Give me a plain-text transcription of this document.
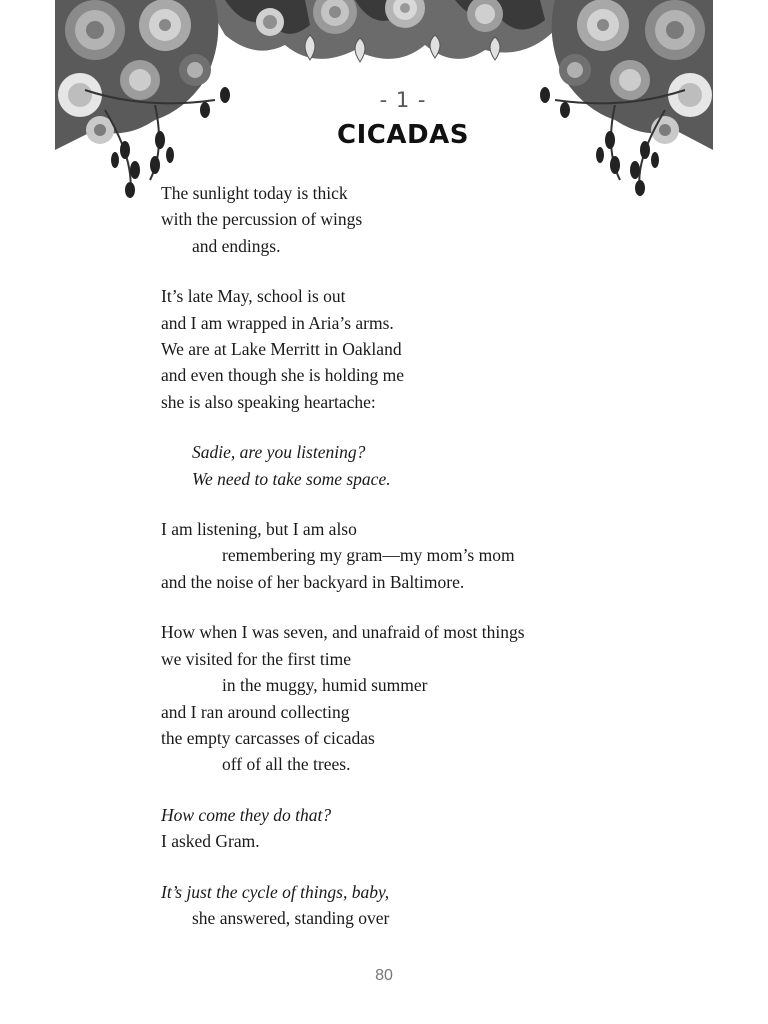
- 1 -
CICADAS
The sunlight today is thick
with the percussion of wings
and endings.
It’s late May, school is out
and I am wrapped in Aria’s arms.
We are at Lake Merritt in Oakland
and even though she is holding me
she is also speaking heartache:
Sadie, are you listening?
We need to take some space.
I am listening, but I am also
remembering my gram—my mom’s mom
and the noise of her backyard in Baltimore.
How when I was seven, and unafraid of most things
we visited for the first time
in the muggy, humid summer
and I ran around collecting
the empty carcasses of cicadas
off of all the trees.
How come they do that?
I asked Gram.
It’s just the cycle of things, baby,
she answered, standing over
80
